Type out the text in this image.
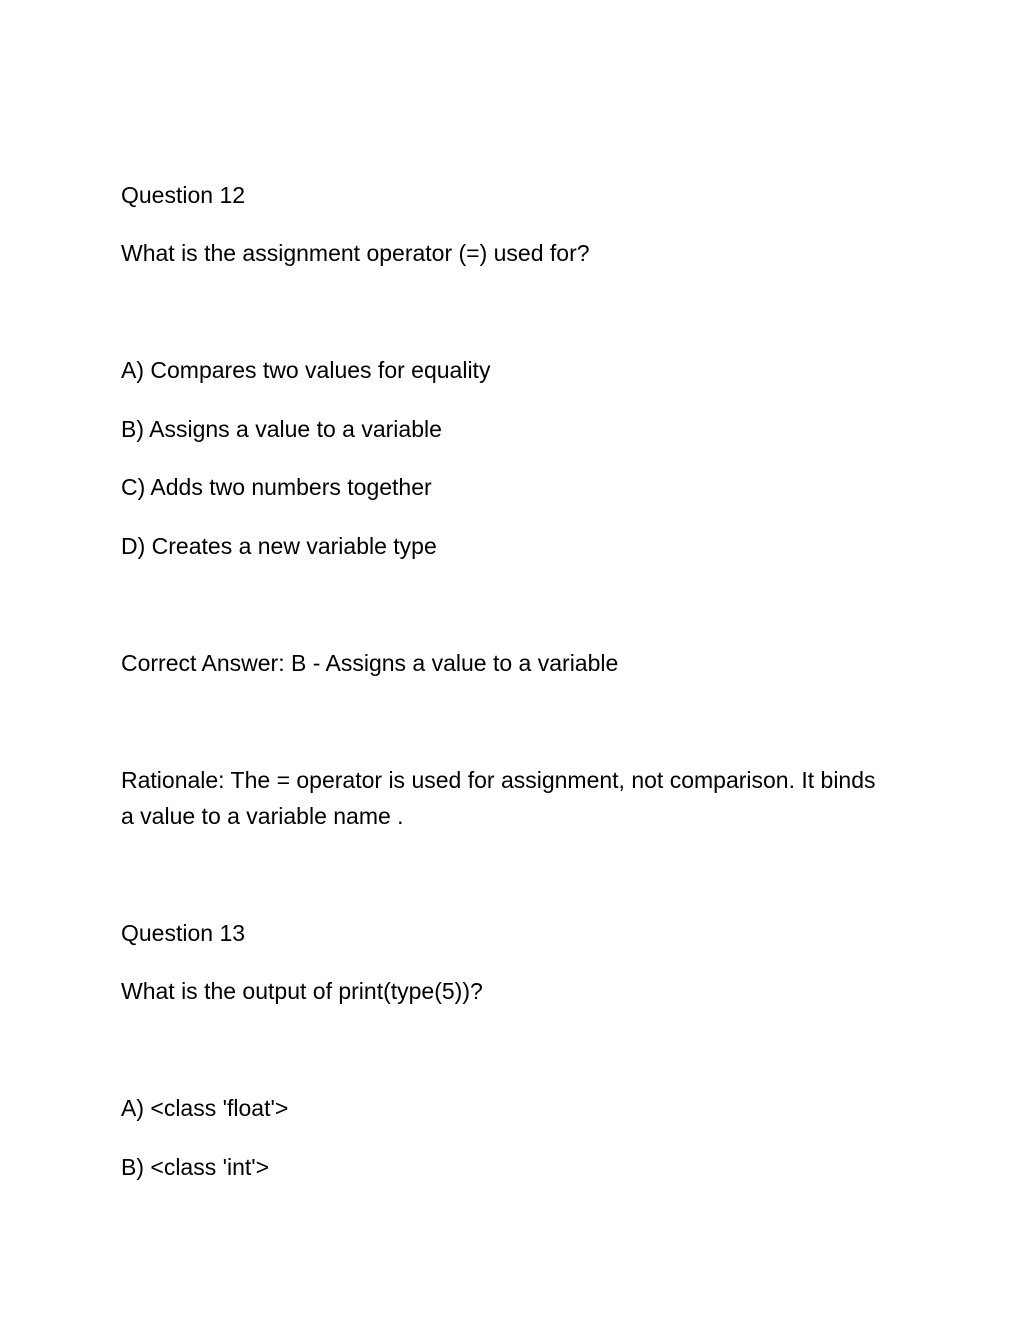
Question 12

What is the assignment operator (=) used for?

A) Compares two values for equality

B) Assigns a value to a variable

C) Adds two numbers together

D) Creates a new variable type

Correct Answer: B - Assigns a value to a variable

Rationale: The = operator is used for assignment, not comparison. It binds a value to a variable name .

Question 13

What is the output of print(type(5))?

A) <class 'float'>

B) <class 'int'>
